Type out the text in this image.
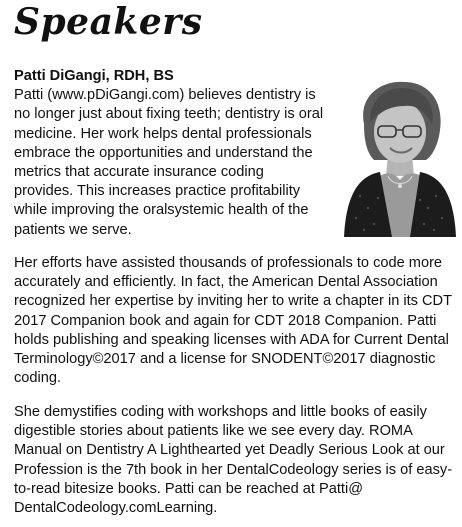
Speakers

Patti DiGangi, RDH, BS
Patti (www.pDiGangi.com) believes dentistry is no longer just about fixing teeth; dentistry is oral medicine. Her work helps dental professionals embrace the opportunities and understand the metrics that accurate insurance coding provides. This increases practice profitability while improving the oralsystemic health of the patients we serve.

Her efforts have assisted thousands of professionals to code more accurately and efficiently. In fact, the American Dental Association recognized her expertise by inviting her to write a chapter in its CDT 2017 Companion book and again for CDT 2018 Companion. Patti holds publishing and speaking licenses with ADA for Current Dental Terminology©2017 and a license for SNODENT©2017 diagnostic coding.

She demystifies coding with workshops and little books of easily digestible stories about patients like we see every day. ROMA Manual on Dentistry A Lighthearted yet Deadly Serious Look at our Profession is the 7th book in her DentalCodeology series is of easy-to-read bitesize books. Patti can be reached at Patti@ DentalCodeology.comLearning.
